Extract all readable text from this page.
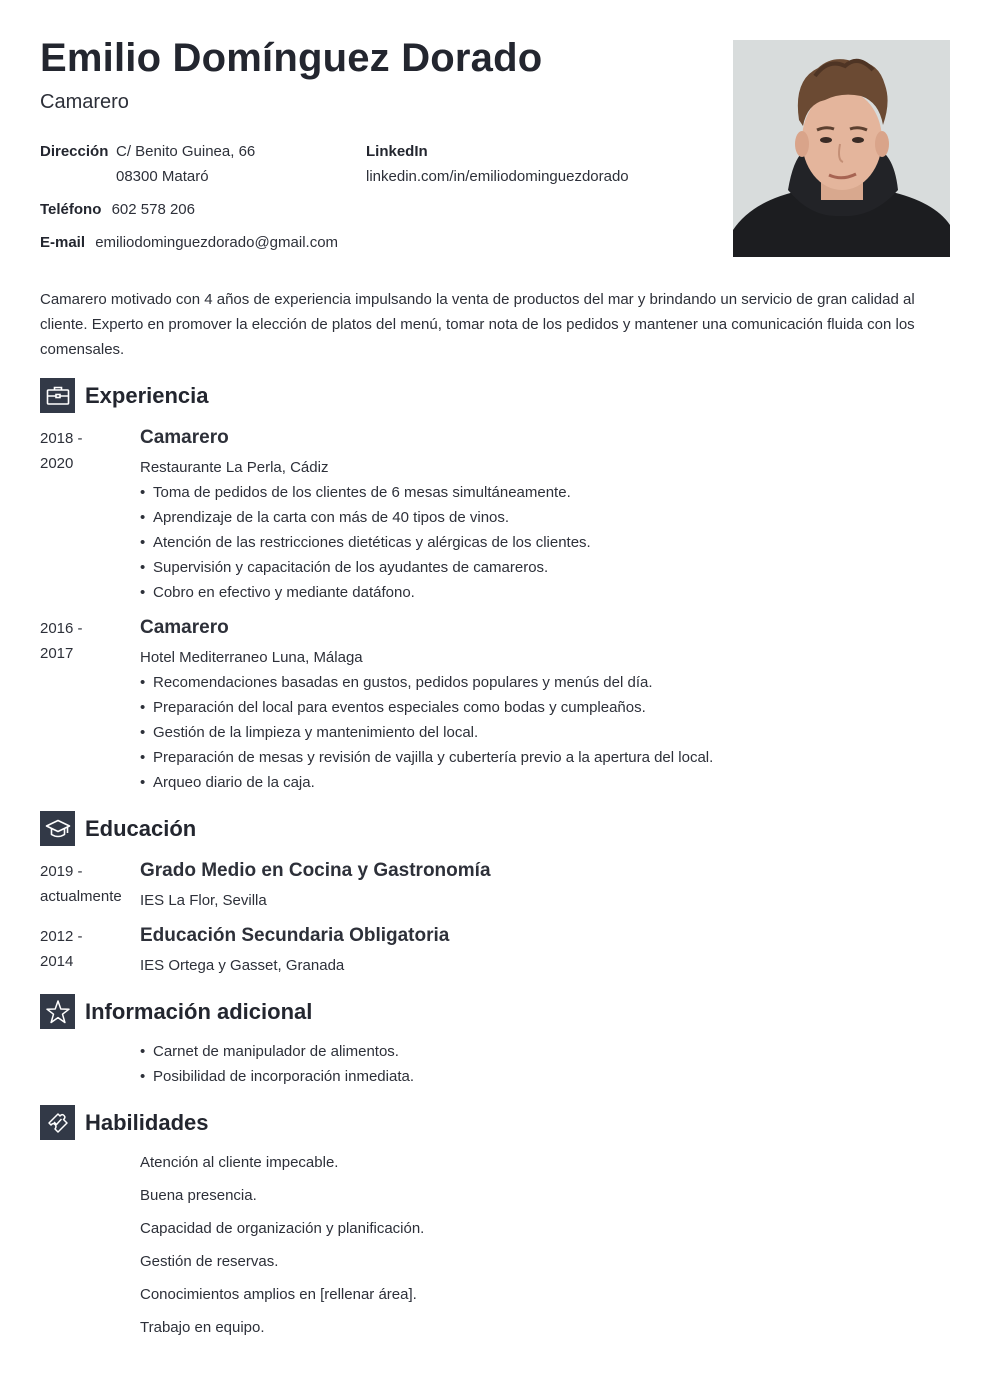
Emilio Domínguez Dorado
Camarero
Dirección C/ Benito Guinea, 66
08300 Mataró
Teléfono 602 578 206
E-mail emiliodominguezdorado@gmail.com
LinkedIn
linkedin.com/in/emiliodominguezdorado

Camarero motivado con 4 años de experiencia impulsando la venta de productos del mar y brindando un servicio de gran calidad al cliente. Experto en promover la elección de platos del menú, tomar nota de los pedidos y mantener una comunicación fluida con los comensales.

Experiencia
2018 -
2020
Camarero
Restaurante La Perla, Cádiz
• Toma de pedidos de los clientes de 6 mesas simultáneamente.
• Aprendizaje de la carta con más de 40 tipos de vinos.
• Atención de las restricciones dietéticas y alérgicas de los clientes.
• Supervisión y capacitación de los ayudantes de camareros.
• Cobro en efectivo y mediante datáfono.
2016 -
2017
Camarero
Hotel Mediterraneo Luna, Málaga
• Recomendaciones basadas en gustos, pedidos populares y menús del día.
• Preparación del local para eventos especiales como bodas y cumpleaños.
• Gestión de la limpieza y mantenimiento del local.
• Preparación de mesas y revisión de vajilla y cubertería previo a la apertura del local.
• Arqueo diario de la caja.
Educación
2019 -
actualmente
Grado Medio en Cocina y Gastronomía
IES La Flor, Sevilla
2012 -
2014
Educación Secundaria Obligatoria
IES Ortega y Gasset, Granada
Información adicional
• Carnet de manipulador de alimentos.
• Posibilidad de incorporación inmediata.
Habilidades
Atención al cliente impecable.
Buena presencia.
Capacidad de organización y planificación.
Gestión de reservas.
Conocimientos amplios en [rellenar área].
Trabajo en equipo.
